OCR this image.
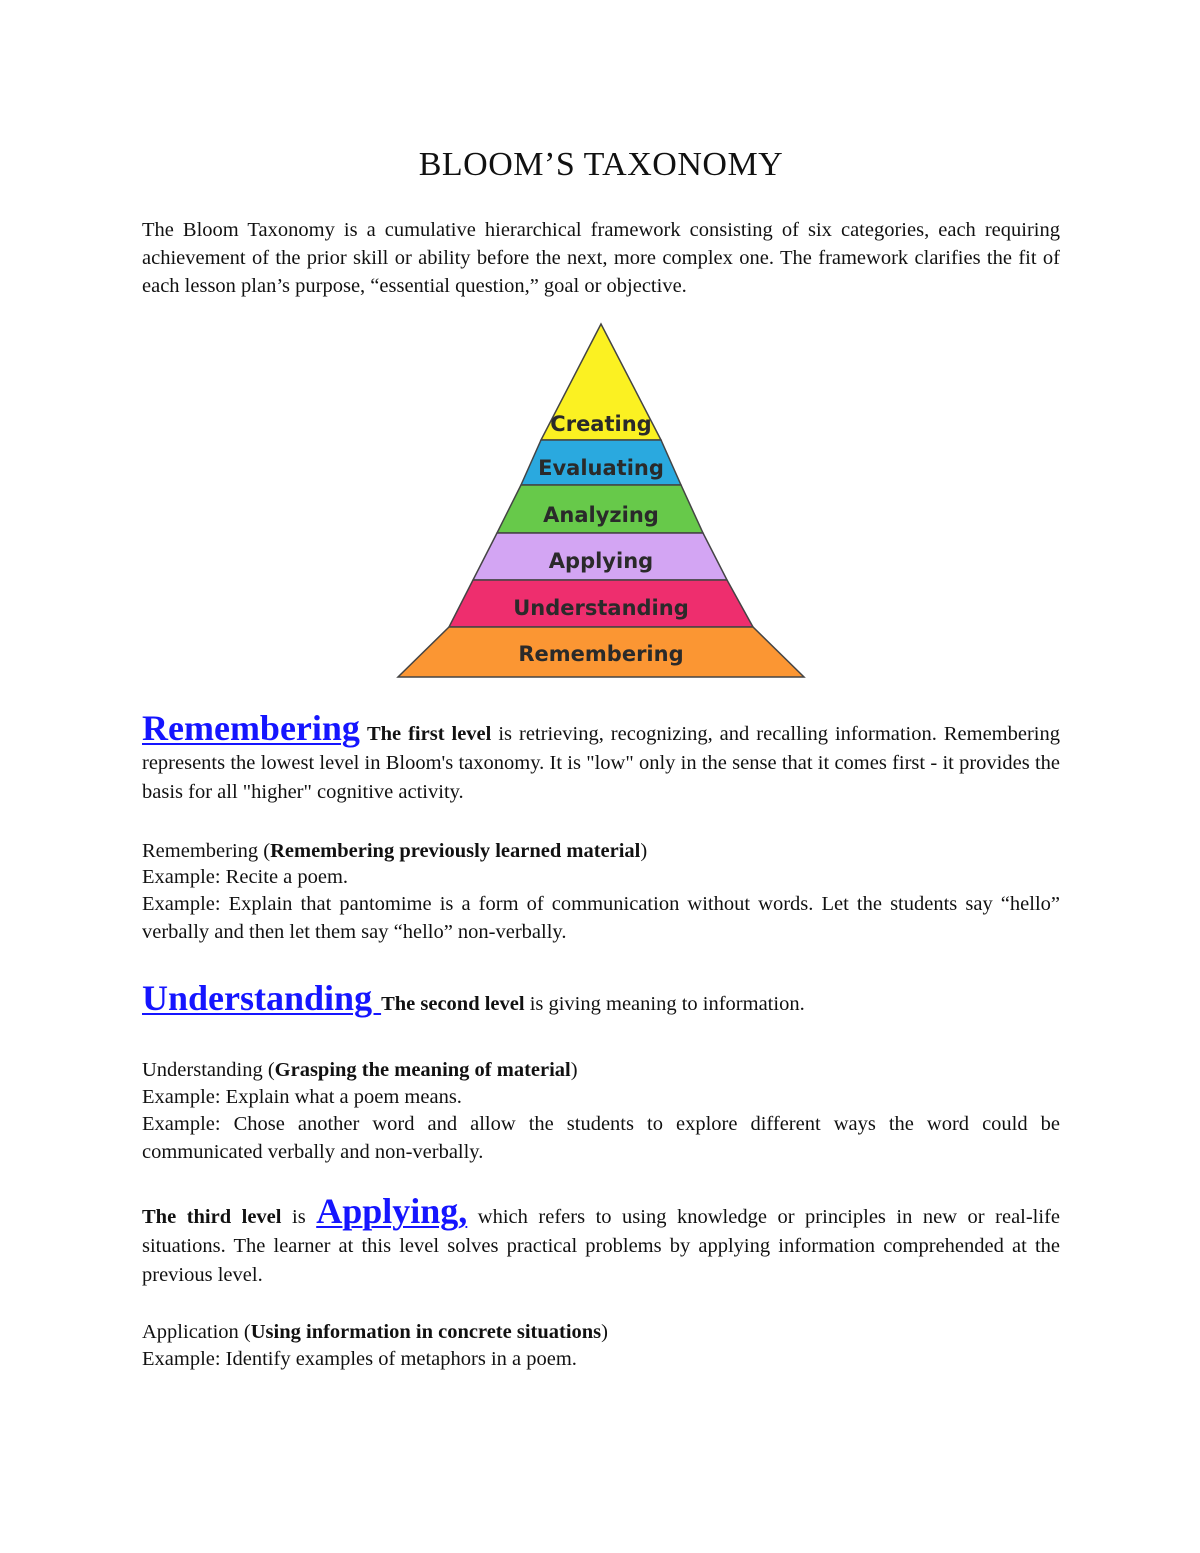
BLOOM’S TAXONOMY
The Bloom Taxonomy is a cumulative hierarchical framework consisting of six categories, each requiring achievement of the prior skill or ability before the next, more complex one. The framework clarifies the fit of each lesson plan’s purpose, “essential question,” goal or objective.
Creating
Evaluating
Analyzing
Applying
Understanding
Remembering
Remembering The first level is retrieving, recognizing, and recalling information. Remembering represents the lowest level in Bloom's taxonomy. It is "low" only in the sense that it comes first - it provides the basis for all "higher" cognitive activity.
Remembering (Remembering previously learned material)
Example: Recite a poem.
Example: Explain that pantomime is a form of communication without words. Let the students say “hello” verbally and then let them say “hello” non-verbally.
Understanding The second level is giving meaning to information.
Understanding (Grasping the meaning of material)
Example: Explain what a poem means.
Example: Chose another word and allow the students to explore different ways the word could be communicated verbally and non-verbally.
The third level is Applying, which refers to using knowledge or principles in new or real-life situations. The learner at this level solves practical problems by applying information comprehended at the previous level.
Application (Using information in concrete situations)
Example: Identify examples of metaphors in a poem.
